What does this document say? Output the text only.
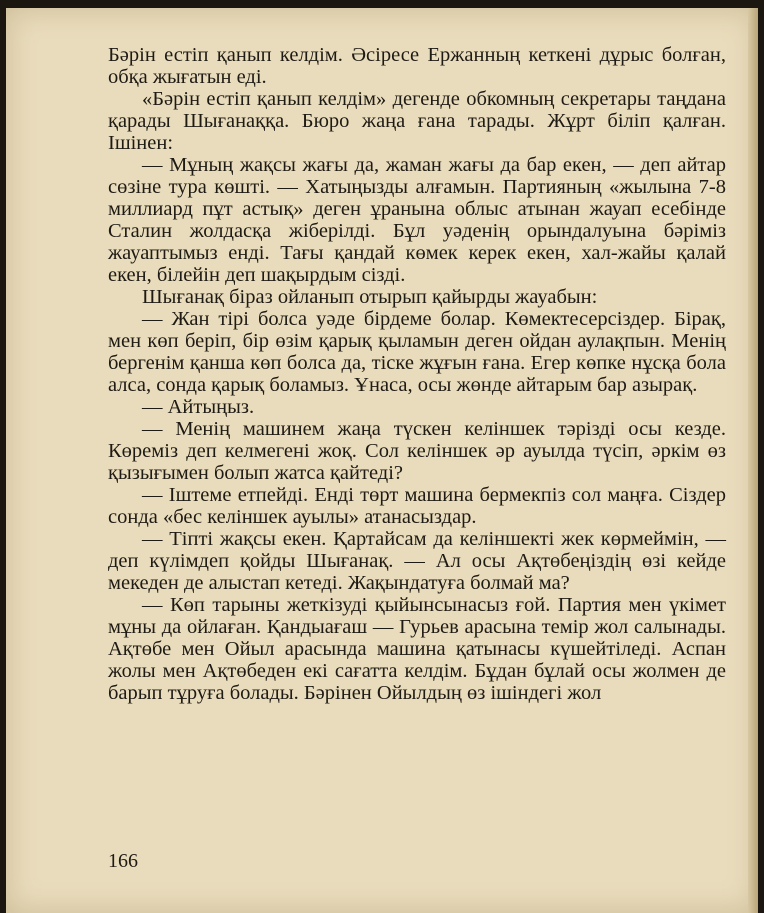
Бәрін естіп қанып келдім. Әсіресе Ержанның кеткені дұрыс болған, обқа жығатын еді.

«Бәрін естіп қанып келдім» дегенде обкомның секретары таңдана қарады Шығанаққа. Бюро жаңа ғана тарады. Жұрт біліп қалған. Ішінен:

— Мұның жақсы жағы да, жаман жағы да бар екен, — деп айтар сөзіне тура көшті. — Хатыңызды алғамын. Партияның «жылына 7-8 миллиард пұт астық» деген ұранына облыс атынан жауап есебінде Сталин жолдасқа жіберілді. Бұл уәденің орындалуына бәріміз жауаптымыз енді. Тағы қандай көмек керек екен, хал-жайы қалай екен, білейін деп шақырдым сізді.

Шығанақ біраз ойланып отырып қайырды жауабын:

— Жан тірі болса уәде бірдеме болар. Көмектесерсіздер. Бірақ, мен көп беріп, бір өзім қарық қыламын деген ойдан аулақпын. Менің бергенім қанша көп болса да, тіске жұғын ғана. Егер көпке нұсқа бола алса, сонда қарық боламыз. Ұнаса, осы жөнде айтарым бар азырақ.

— Айтыңыз.

— Менің машинем жаңа түскен келіншек тәрізді осы кезде. Көреміз деп келмегені жоқ. Сол келіншек әр ауылда түсіп, әркім өз қызығымен болып жатса қайтеді?

— Іштеме етпейді. Енді төрт машина бермекпіз сол маңға. Сіздер сонда «бес келіншек ауылы» атанасыздар.

— Тіпті жақсы екен. Қартайсам да келіншекті жек көрмеймін, — деп күлімдеп қойды Шығанақ. — Ал осы Ақтөбеңіздің өзі кейде мекеден де алыстап кетеді. Жақындатуға болмай ма?

— Көп тарыны жеткізуді қыйынсынасыз ғой. Партия мен үкімет мұны да ойлаған. Қандыағаш — Гурьев арасына темір жол салынады. Ақтөбе мен Ойыл арасында машина қатынасы күшейтіледі. Аспан жолы мен Ақтөбеден екі сағатта келдім. Бұдан бұлай осы жолмен де барып тұруға болады. Бәрінен Ойылдың өз ішіндегі жол

166
